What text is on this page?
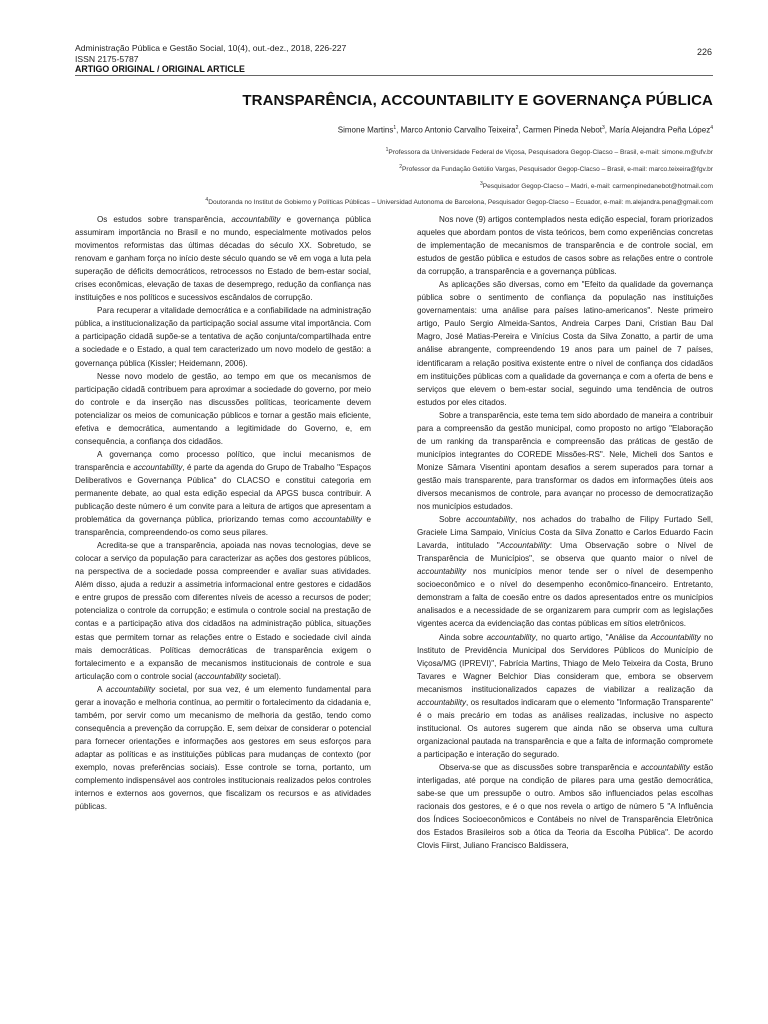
Administração Pública e Gestão Social, 10(4), out.-dez., 2018, 226-227
ISSN 2175-5787
226
ARTIGO ORIGINAL / ORIGINAL ARTICLE
TRANSPARÊNCIA, ACCOUNTABILITY E GOVERNANÇA PÚBLICA
Simone Martins$^1$, Marco Antonio Carvalho Teixeira$^2$, Carmen Pineda Nebot$^3$, María Alejandra Peña López$^4$
$^1$Professora da Universidade Federal de Viçosa, Pesquisadora Gegop-Clacso – Brasil, e-mail: simone.m@ufv.br
$^2$Professor da Fundação Getúlio Vargas, Pesquisador Gegop-Clacso – Brasil, e-mail: marco.teixeira@fgv.br
$^3$Pesquisador Gegop-Clacso – Madri, e-mail: carmenpinedanebot@hotmail.com
$^4$Doutoranda no Institut de Gobierno y Políticas Públicas – Universidad Autonoma de Barcelona, Pesquisador Gegop-Clacso – Ecuador, e-mail: m.alejandra.pena@gmail.com

Os estudos sobre transparência, accountability e governança pública assumiram importância no Brasil e no mundo, especialmente motivados pelos movimentos reformistas das últimas décadas do século XX. Sobretudo, se renovam e ganham força no início deste século quando se vê em voga a luta pela superação de déficits democráticos, retrocessos no Estado de bem-estar social, crises econômicas, elevação de taxas de desemprego, redução da confiança nas instituições e nos políticos e sucessivos escândalos de corrupção.

Para recuperar a vitalidade democrática e a confiabilidade na administração pública, a institucionalização da participação social assume vital importância. Com a participação cidadã supõe-se a tentativa de ação conjunta/compartilhada entre a sociedade e o Estado, a qual tem caracterizado um novo modelo de gestão: a governança pública (Kissler; Heidemann, 2006).

Nesse novo modelo de gestão, ao tempo em que os mecanismos de participação cidadã contribuem para aproximar a sociedade do governo, por meio do controle e da inserção nas discussões políticas, teoricamente devem potencializar os meios de comunicação públicos e tornar a gestão mais eficiente, efetiva e democrática, aumentando a legitimidade do Governo, e, em consequência, a confiança dos cidadãos.

A governança como processo político, que inclui mecanismos de transparência e accountability, é parte da agenda do Grupo de Trabalho "Espaços Deliberativos e Governança Pública" do CLACSO e constitui categoria em permanente debate, ao qual esta edição especial da APGS busca contribuir. A publicação deste número é um convite para a leitura de artigos que apresentam a problemática da governança pública, priorizando temas como accountability e transparência, compreendendo-os como seus pilares.

Acredita-se que a transparência, apoiada nas novas tecnologias, deve se colocar a serviço da população para caracterizar as ações dos gestores públicos, na perspectiva de a sociedade possa compreender e avaliar suas atividades. Além disso, ajuda a reduzir a assimetria informacional entre gestores e cidadãos e entre grupos de pressão com diferentes níveis de acesso a recursos de poder; potencializa o controle da corrupção; e estimula o controle social na prestação de contas e a participação ativa dos cidadãos na administração pública, situações estas que permitem tornar as relações entre o Estado e sociedade civil ainda mais democráticas. Políticas democráticas de transparência exigem o fortalecimento e a expansão de mecanismos institucionais de controle e sua articulação com o controle social (accountability societal).

A accountability societal, por sua vez, é um elemento fundamental para gerar a inovação e melhoria contínua, ao permitir o fortalecimento da cidadania e, também, por servir como um mecanismo de melhoria da gestão, tendo como consequência a prevenção da corrupção. E, sem deixar de considerar o potencial para fornecer orientações e informações aos gestores em seus esforços para adaptar as políticas e as instituições públicas para mudanças de contexto (por exemplo, novas preferências sociais). Esse controle se torna, portanto, um complemento indispensável aos controles institucionais realizados pelos controles internos e externos aos governos, que fiscalizam os recursos e as atividades públicas.

Nos nove (9) artigos contemplados nesta edição especial, foram priorizados aqueles que abordam pontos de vista teóricos, bem como experiências concretas de implementação de mecanismos de transparência e de controle social, em estudos de gestão pública e estudos de casos sobre as relações entre o controle da corrupção, a transparência e a governança públicas.

As aplicações são diversas, como em "Efeito da qualidade da governança pública sobre o sentimento de confiança da população nas instituições governamentais: uma análise para países latino-americanos". Neste primeiro artigo, Paulo Sergio Almeida-Santos, Andreia Carpes Dani, Cristian Bau Dal Magro, José Matias-Pereira e Vinícius Costa da Silva Zonatto, a partir de uma análise abrangente, compreendendo 19 anos para um painel de 7 países, identificaram a relação positiva existente entre o nível de confiança dos cidadãos em instituições públicas com a qualidade da governança e com a oferta de bens e serviços que elevem o bem-estar social, seguindo uma tendência de outros estudos por eles citados.

Sobre a transparência, este tema tem sido abordado de maneira a contribuir para a compreensão da gestão municipal, como proposto no artigo "Elaboração de um ranking da transparência e compreensão das práticas de gestão de municípios integrantes do COREDE Missões-RS". Nele, Micheli dos Santos e Monize Sâmara Visentini apontam desafios a serem superados para tornar a gestão mais transparente, para transformar os dados em informações úteis aos diversos mecanismos de controle, para avançar no processo de democratização nos municípios estudados.

Sobre accountability, nos achados do trabalho de Filipy Furtado Sell, Graciele Lima Sampaio, Vinícius Costa da Silva Zonatto e Carlos Eduardo Facin Lavarda, intitulado "Accountability: Uma Observação sobre o Nível de Transparência de Municípios", se observa que quanto maior o nível de accountability nos municípios menor tende ser o nível de desempenho socioeconômico e o nível do desempenho econômico-financeiro. Entretanto, demonstram a falta de coesão entre os dados apresentados entre os municípios analisados e a necessidade de se organizarem para cumprir com as legislações vigentes acerca da evidenciação das contas públicas em sítios eletrônicos.

Ainda sobre accountability, no quarto artigo, "Análise da Accountability no Instituto de Previdência Municipal dos Servidores Públicos do Município de Viçosa/MG (IPREVI)", Fabrícia Martins, Thiago de Melo Teixeira da Costa, Bruno Tavares e Wagner Belchior Dias consideram que, embora se observem mecanismos institucionalizados capazes de viabilizar a realização da accountability, os resultados indicaram que o elemento "Informação Transparente" é o mais precário em todas as análises realizadas, inclusive no aspecto institucional. Os autores sugerem que ainda não se observa uma cultura organizacional pautada na transparência e que a falta de informação compromete a participação e interação do segurado.

Observa-se que as discussões sobre transparência e accountability estão interligadas, até porque na condição de pilares para uma gestão democrática, sabe-se que um pressupõe o outro. Ambos são influenciados pelas escolhas racionais dos gestores, e é o que nos revela o artigo de número 5 "A Influência dos Índices Socioeconômicos e Contábeis no nível de Transparência Eletrônica dos Estados Brasileiros sob a ótica da Teoria da Escolha Pública". De acordo Clovis Fiirst, Juliano Francisco Baldissera,
